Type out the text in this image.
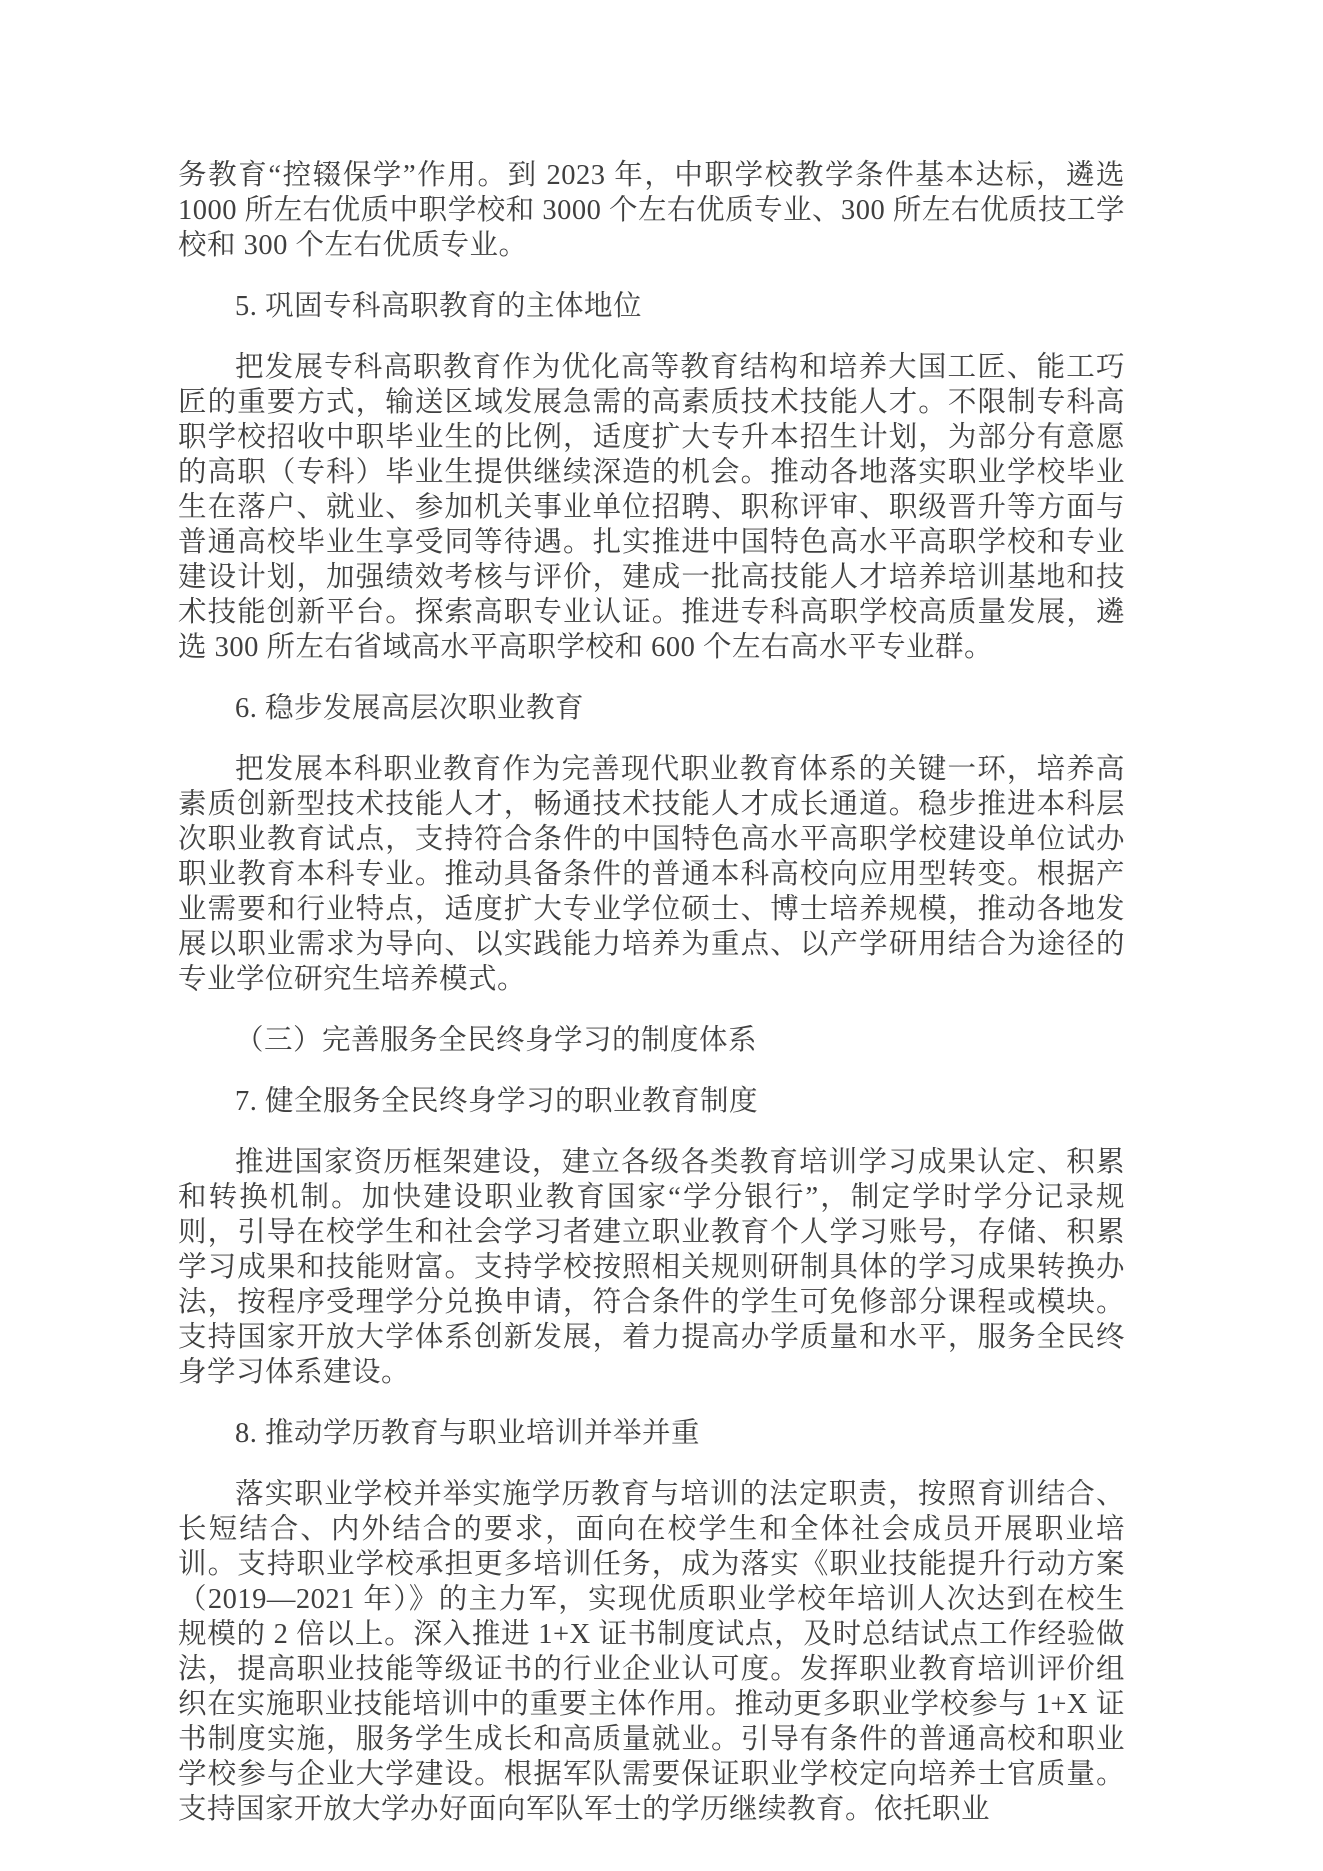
务教育“控辍保学”作用。到 2023 年，中职学校教学条件基本达标，遴选 1000 所左右优质中职学校和 3000 个左右优质专业、300 所左右优质技工学校和 300 个左右优质专业。

5. 巩固专科高职教育的主体地位

把发展专科高职教育作为优化高等教育结构和培养大国工匠、能工巧匠的重要方式，输送区域发展急需的高素质技术技能人才。不限制专科高职学校招收中职毕业生的比例，适度扩大专升本招生计划，为部分有意愿的高职（专科）毕业生提供继续深造的机会。推动各地落实职业学校毕业生在落户、就业、参加机关事业单位招聘、职称评审、职级晋升等方面与普通高校毕业生享受同等待遇。扎实推进中国特色高水平高职学校和专业建设计划，加强绩效考核与评价，建成一批高技能人才培养培训基地和技术技能创新平台。探索高职专业认证。推进专科高职学校高质量发展，遴选 300 所左右省域高水平高职学校和 600 个左右高水平专业群。

6. 稳步发展高层次职业教育

把发展本科职业教育作为完善现代职业教育体系的关键一环，培养高素质创新型技术技能人才，畅通技术技能人才成长通道。稳步推进本科层次职业教育试点，支持符合条件的中国特色高水平高职学校建设单位试办职业教育本科专业。推动具备条件的普通本科高校向应用型转变。根据产业需要和行业特点，适度扩大专业学位硕士、博士培养规模，推动各地发展以职业需求为导向、以实践能力培养为重点、以产学研用结合为途径的专业学位研究生培养模式。

（三）完善服务全民终身学习的制度体系

7. 健全服务全民终身学习的职业教育制度

推进国家资历框架建设，建立各级各类教育培训学习成果认定、积累和转换机制。加快建设职业教育国家“学分银行”，制定学时学分记录规则，引导在校学生和社会学习者建立职业教育个人学习账号，存储、积累学习成果和技能财富。支持学校按照相关规则研制具体的学习成果转换办法，按程序受理学分兑换申请，符合条件的学生可免修部分课程或模块。支持国家开放大学体系创新发展，着力提高办学质量和水平，服务全民终身学习体系建设。

8. 推动学历教育与职业培训并举并重

落实职业学校并举实施学历教育与培训的法定职责，按照育训结合、长短结合、内外结合的要求，面向在校学生和全体社会成员开展职业培训。支持职业学校承担更多培训任务，成为落实《职业技能提升行动方案（2019—2021 年）》的主力军，实现优质职业学校年培训人次达到在校生规模的 2 倍以上。深入推进 1+X 证书制度试点，及时总结试点工作经验做法，提高职业技能等级证书的行业企业认可度。发挥职业教育培训评价组织在实施职业技能培训中的重要主体作用。推动更多职业学校参与 1+X 证书制度实施，服务学生成长和高质量就业。引导有条件的普通高校和职业学校参与企业大学建设。根据军队需要保证职业学校定向培养士官质量。支持国家开放大学办好面向军队军士的学历继续教育。依托职业
